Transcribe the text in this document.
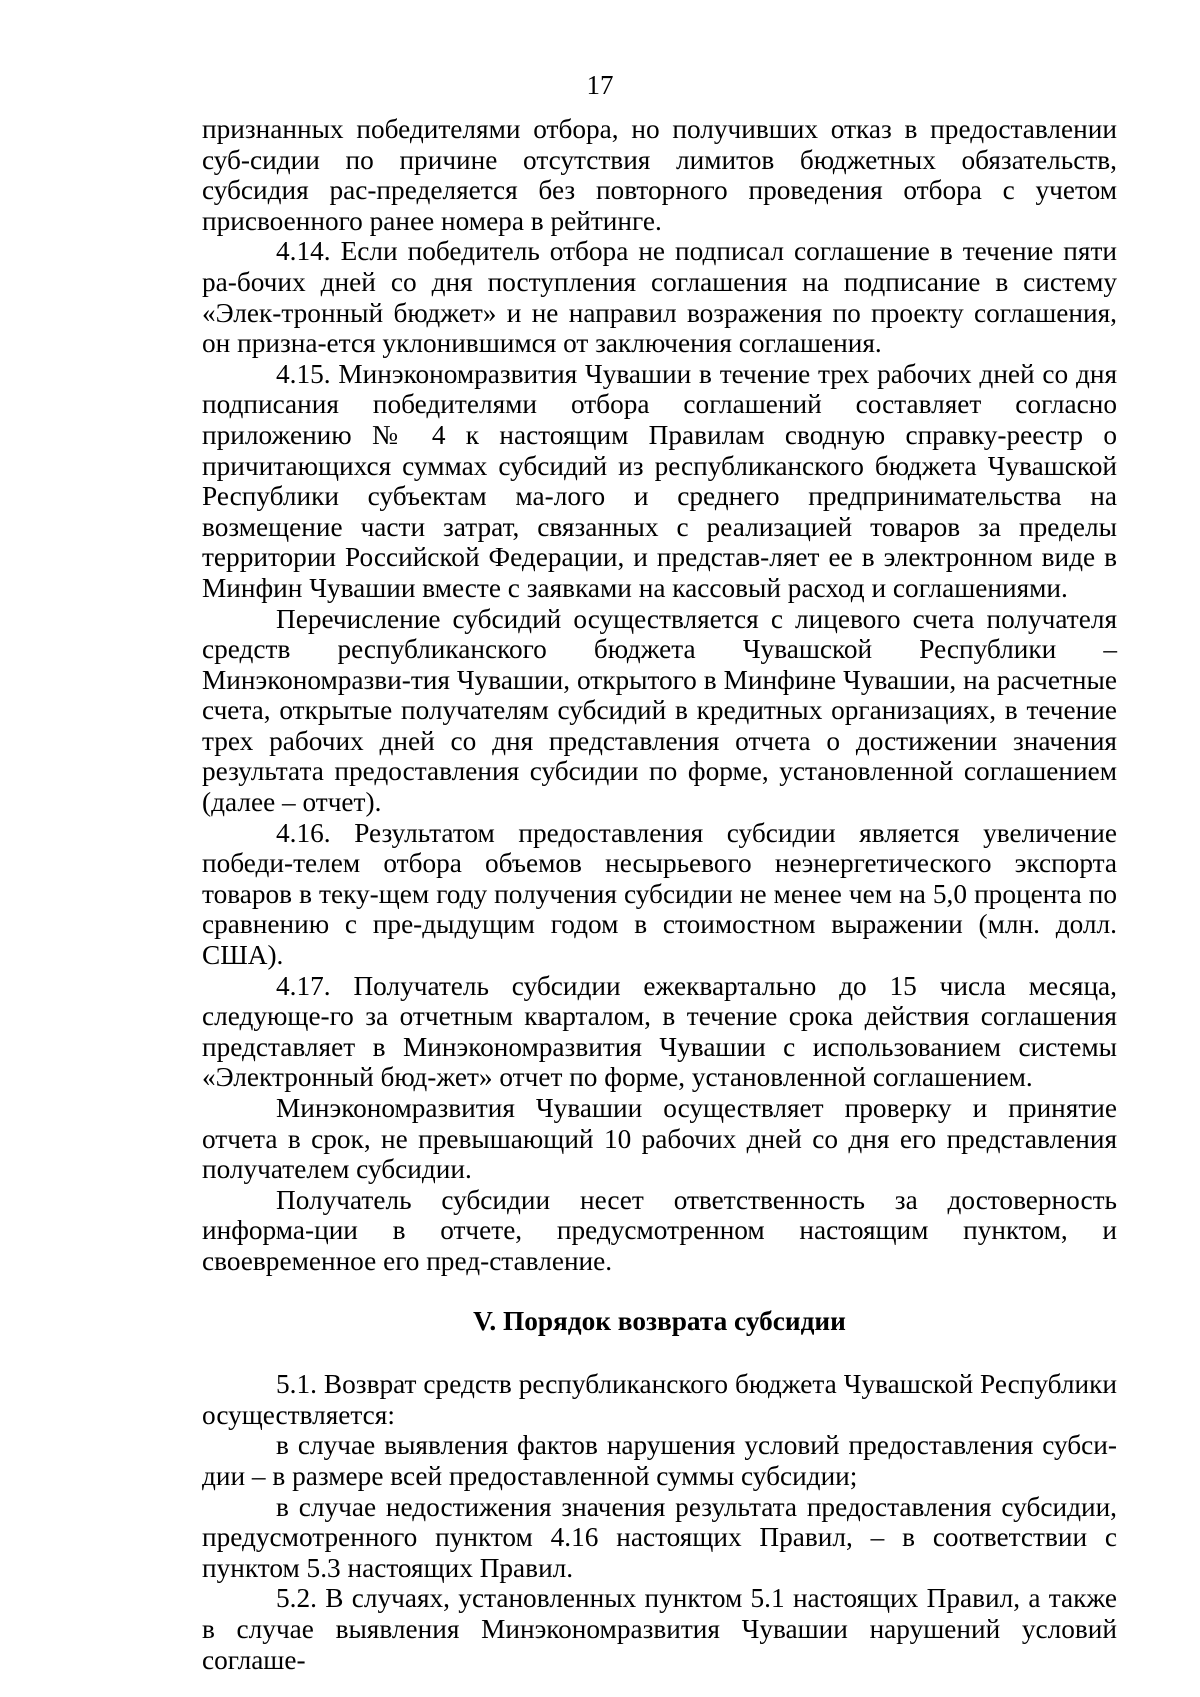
17

признанных победителями отбора, но получивших отказ в предоставлении суб-сидии по причине отсутствия лимитов бюджетных обязательств, субсидия рас-пределяется без повторного проведения отбора с учетом присвоенного ранее номера в рейтинге.

4.14. Если победитель отбора не подписал соглашение в течение пяти ра-бочих дней со дня поступления соглашения на подписание в систему «Элек-тронный бюджет» и не направил возражения по проекту соглашения, он призна-ется уклонившимся от заключения соглашения.

4.15. Минэкономразвития Чувашии в течение трех рабочих дней со дня подписания победителями отбора соглашений составляет согласно приложению № 4 к настоящим Правилам сводную справку-реестр о причитающихся суммах субсидий из республиканского бюджета Чувашской Республики субъектам ма-лого и среднего предпринимательства на возмещение части затрат, связанных с реализацией товаров за пределы территории Российской Федерации, и представ-ляет ее в электронном виде в Минфин Чувашии вместе с заявками на кассовый расход и соглашениями.

Перечисление субсидий осуществляется с лицевого счета получателя средств республиканского бюджета Чувашской Республики – Минэкономразви-тия Чувашии, открытого в Минфине Чувашии, на расчетные счета, открытые получателям субсидий в кредитных организациях, в течение трех рабочих дней со дня представления отчета о достижении значения результата предоставления субсидии по форме, установленной соглашением (далее – отчет).

4.16. Результатом предоставления субсидии является увеличение победи-телем отбора объемов несырьевого неэнергетического экспорта товаров в теку-щем году получения субсидии не менее чем на 5,0 процента по сравнению с пре-дыдущим годом в стоимостном выражении (млн. долл. США).

4.17. Получатель субсидии ежеквартально до 15 числа месяца, следующе-го за отчетным кварталом, в течение срока действия соглашения представляет в Минэкономразвития Чувашии с использованием системы «Электронный бюд-жет» отчет по форме, установленной соглашением.

Минэкономразвития Чувашии осуществляет проверку и принятие отчета в срок, не превышающий 10 рабочих дней со дня его представления получателем субсидии.

Получатель субсидии несет ответственность за достоверность информа-ции в отчете, предусмотренном настоящим пунктом, и своевременное его пред-ставление.

V. Порядок возврата субсидии

5.1. Возврат средств республиканского бюджета Чувашской Республики осуществляется:

в случае выявления фактов нарушения условий предоставления субси-дии – в размере всей предоставленной суммы субсидии;

в случае недостижения значения результата предоставления субсидии, предусмотренного пунктом 4.16 настоящих Правил, – в соответствии с пунктом 5.3 настоящих Правил.

5.2. В случаях, установленных пунктом 5.1 настоящих Правил, а также в случае выявления Минэкономразвития Чувашии нарушений условий соглаше-
